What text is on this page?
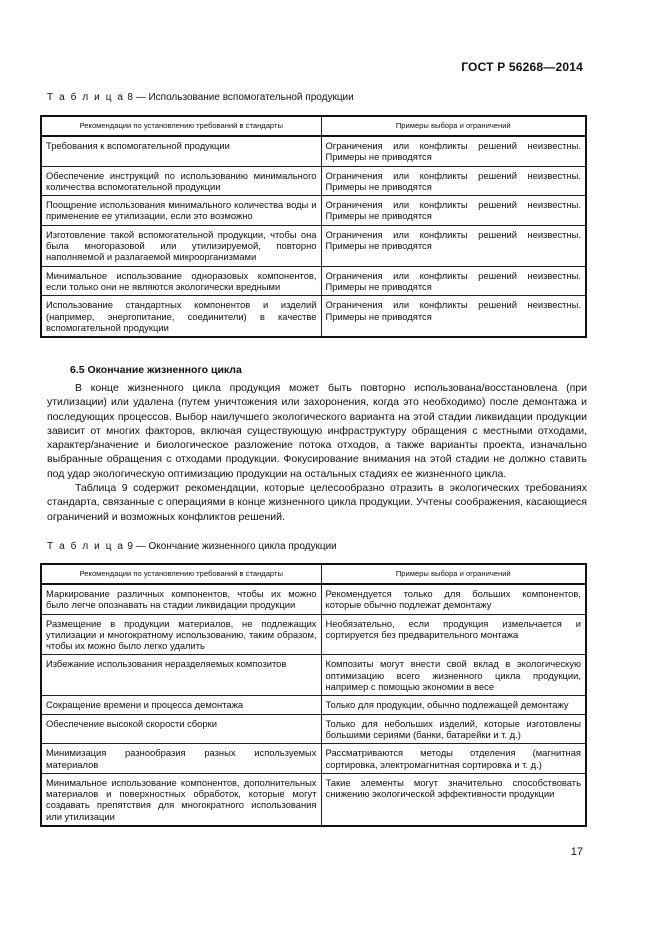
ГОСТ Р 56268—2014
Т а б л и ц а 8 — Использование вспомогательной продукции
Рекомендации по установлению требований в стандарты	Примеры выбора и ограничений
Требования к вспомогательной продукции	Ограничения или конфликты решений неизвестны. Примеры не приводятся
Обеспечение инструкций по использованию минимального количества вспомогательной продукции	Ограничения или конфликты решений неизвестны. Примеры не приводятся
Поощрение использования минимального количества воды и применение ее утилизации, если это возможно	Ограничения или конфликты решений неизвестны. Примеры не приводятся
Изготовление такой вспомогательной продукции, чтобы она была многоразовой или утилизируемой, повторно наполняемой и разлагаемой микроорганизмами	Ограничения или конфликты решений неизвестны. Примеры не приводятся
Минимальное использование одноразовых компонентов, если только они не являются экологически вредными	Ограничения или конфликты решений неизвестны. Примеры не приводятся
Использование стандартных компонентов и изделий (например, энергопитание, соединители) в качестве вспомогательной продукции	Ограничения или конфликты решений неизвестны. Примеры не приводятся
6.5 Окончание жизненного цикла

В конце жизненного цикла продукция может быть повторно использована/восстановлена (при утилизации) или удалена (путем уничтожения или захоронения, когда это необходимо) после демонтажа и последующих процессов. Выбор наилучшего экологического варианта на этой стадии ликвидации продукции зависит от многих факторов, включая существующую инфраструктуру обращения с местными отходами, характер/значение и биологическое разложение потока отходов, а также варианты проекта, изначально выбранные обращения с отходами продукции. Фокусирование внимания на этой стадии не должно ставить под удар экологическую оптимизацию продукции на остальных стадиях ее жизненного цикла.

Таблица 9 содержит рекомендации, которые целесообразно отразить в экологических требованиях стандарта, связанные с операциями в конце жизненного цикла продукции. Учтены соображения, касающиеся ограничений и возможных конфликтов решений.

Т а б л и ц а 9 — Окончание жизненного цикла продукции
Рекомендации по установлению требований в стандарты	Примеры выбора и ограничений
Маркирование различных компонентов, чтобы их можно было легче опознавать на стадии ликвидации продукции	Рекомендуется только для больших компонентов, которые обычно подлежат демонтажу
Размещение в продукции материалов, не подлежащих утилизации и многократному использованию, таким образом, чтобы их можно было легко удалить	Необязательно, если продукция измельчается и сортируется без предварительного монтажа
Избежание использования неразделяемых композитов	Композиты могут внести свой вклад в экологическую оптимизацию всего жизненного цикла продукции, например с помощью экономии в весе
Сокращение времени и процесса демонтажа	Только для продукции, обычно подлежащей демонтажу
Обеспечение высокой скорости сборки	Только для небольших изделий, которые изготовлены большими сериями (банки, батарейки и т. д.)
Минимизация разнообразия разных используемых материалов	Рассматриваются методы отделения (магнитная сортировка, электромагнитная сортировка и т. д.)
Минимальное использование компонентов, дополнительных материалов и поверхностных обработок, которые могут создавать препятствия для многократного использования или утилизации	Такие элементы могут значительно способствовать снижению экологической эффективности продукции
17
